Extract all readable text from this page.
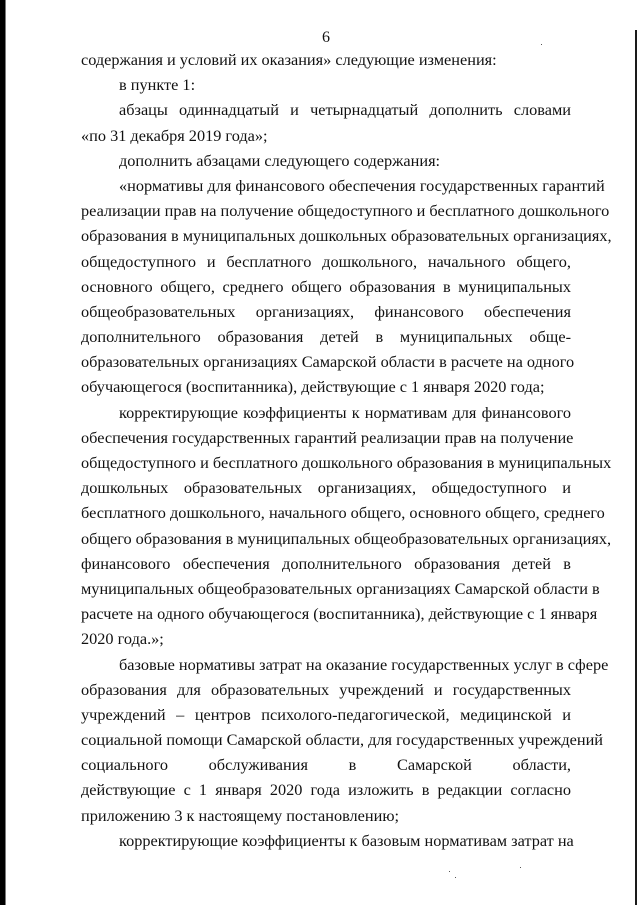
6
содержания и условий их оказания» следующие изменения:
в пункте 1:
абзацы одиннадцатый и четырнадцатый дополнить словами
«по 31 декабря 2019 года»;
дополнить абзацами следующего содержания:
«нормативы для финансового обеспечения государственных гарантий
реализации прав на получение общедоступного и бесплатного дошкольного
образования в муниципальных дошкольных образовательных организациях,
общедоступного и бесплатного дошкольного, начального общего,
основного общего, среднего общего образования в муниципальных
общеобразовательных организациях, финансового обеспечения
дополнительного образования детей в муниципальных обще-
образовательных организациях Самарской области в расчете на одного
обучающегося (воспитанника), действующие с 1 января 2020 года;
корректирующие коэффициенты к нормативам для финансового
обеспечения государственных гарантий реализации прав на получение
общедоступного и бесплатного дошкольного образования в муниципальных
дошкольных образовательных организациях, общедоступного и
бесплатного дошкольного, начального общего, основного общего, среднего
общего образования в муниципальных общеобразовательных организациях,
финансового обеспечения дополнительного образования детей в
муниципальных общеобразовательных организациях Самарской области в
расчете на одного обучающегося (воспитанника), действующие с 1 января
2020 года.»;
базовые нормативы затрат на оказание государственных услуг в сфере
образования для образовательных учреждений и государственных
учреждений – центров психолого-педагогической, медицинской и
социальной помощи Самарской области, для государственных учреждений
социального обслуживания в Самарской области,
действующие с 1 января 2020 года изложить в редакции согласно
приложению 3 к настоящему постановлению;
корректирующие коэффициенты к базовым нормативам затрат на
